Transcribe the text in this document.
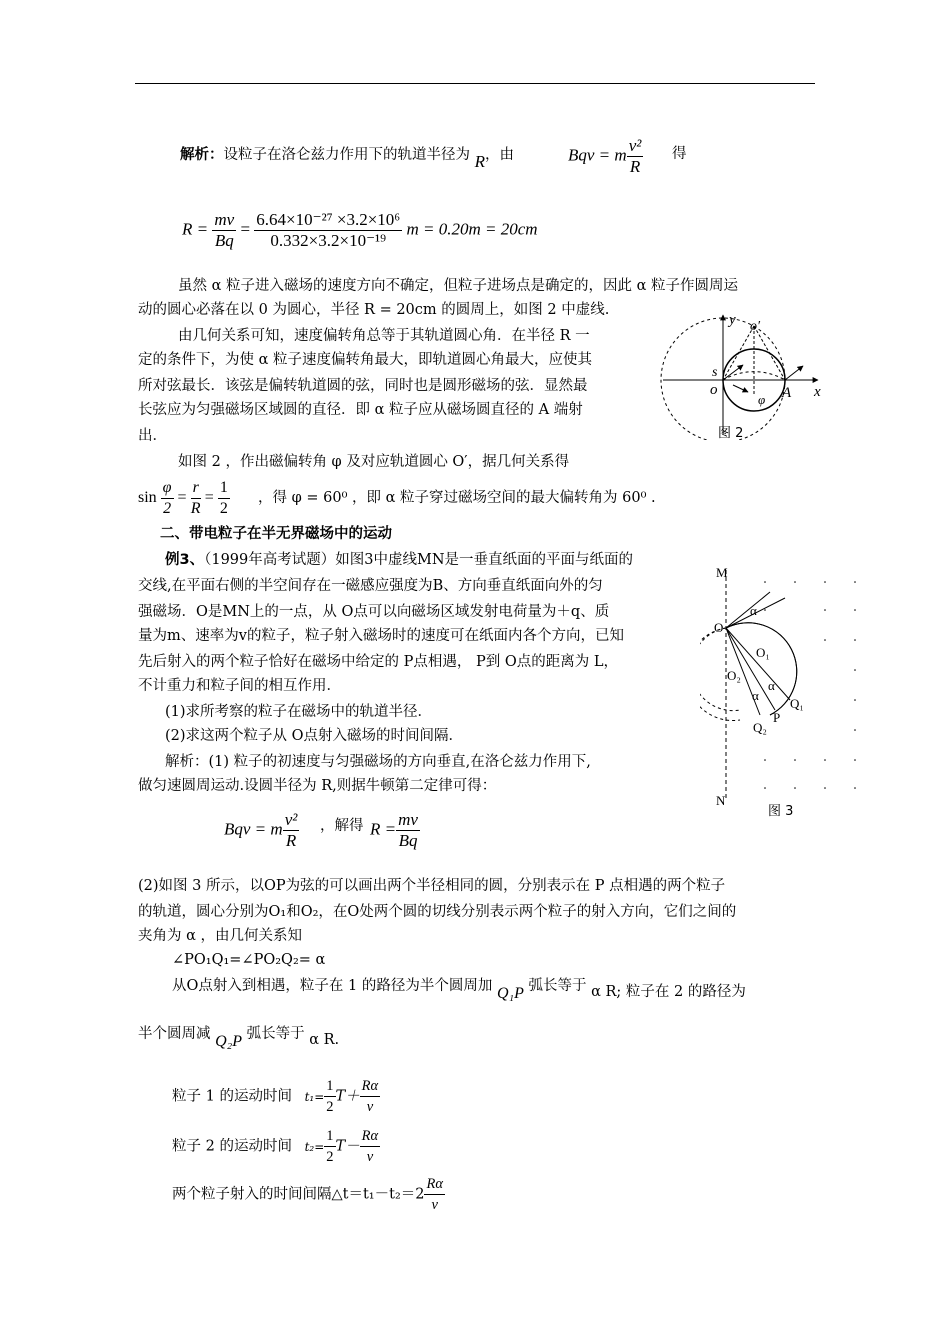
解析：设粒子在洛仑兹力作用下的轨道半径为 R，由	Bqv = m $\frac{\text{v²}}{R}$ 得
$R = \frac{mv}{Bq} = \frac{\text{6.64×10⁻²⁷ ×3.2×10⁶}}{\text{0.332×3.2×10⁻¹⁹}}$ m = 0.20m = 20cm
虽然 α 粒子进入磁场的速度方向不确定，但粒子进场点是确定的，因此 α 粒子作圆周运
动的圆心必落在以 0 为圆心，半径 R = 20cm 的圆周上，如图 2 中虚线.
由几何关系可知，速度偏转角总等于其轨道圆心角．在半径 R 一
定的条件下，为使 α 粒子速度偏转角最大，即轨道圆心角最大，应使其
所对弦最长．该弦是偏转轨道圆的弦，同时也是圆形磁场的弦．显然最
长弦应为匀强磁场区域圆的直径．即 α 粒子应从磁场圆直径的 A 端射
出．
如图 2 ，作出磁偏转角 φ 及对应轨道圆心 O′，据几何关系得
$\sin \frac{\varphi}{2} = \frac{r}{R} = \frac{1}{2}$ ，得 φ = 60⁰ ，即 α 粒子穿过磁场空间的最大偏转角为 60⁰ .
y
x
o
s
A
o′
φ
图 2
二、带电粒子在半无界磁场中的运动
例3、（1999年高考试题）如图3中虚线MN是一垂直纸面的平面与纸面的
交线,在平面右侧的半空间存在一磁感应强度为B、方向垂直纸面向外的匀
强磁场．O是MN上的一点，从 O点可以向磁场区域发射电荷量为＋q、质
量为m、速率为v的粒子，粒子射入磁场时的速度可在纸面内各个方向，已知
先后射入的两个粒子恰好在磁场中给定的 P点相遇， P到 O点的距离为 L，
不计重力和粒子间的相互作用．
(1)求所考察的粒子在磁场中的轨道半径．
(2)求这两个粒子从 O点射入磁场的时间间隔．
解析：(1) 粒子的初速度与匀强磁场的方向垂直,在洛仑兹力作用下,
做匀速圆周运动.设圆半径为 R,则据牛顿第二定律可得：
Bqv = m $\frac{\text{v²}}{R}$ ，解得 $R = \frac{mv}{Bq}$
M
N
O
O₁
O₂
P
Q₁
Q₂
α
α
α
图 3
(2)如图 3 所示，以OP为弦的可以画出两个半径相同的圆，分别表示在 P 点相遇的两个粒子
的轨道，圆心分别为O₁和O₂，在O处两个圆的切线分别表示两个粒子的射入方向，它们之间的
夹角为 α ，由几何关系知
∠PO₁Q₁=∠PO₂Q₂= α
从O点射入到相遇，粒子在 1 的路径为半个圆周加 Q₁P 弧长等于 α R; 粒子在 2 的路径为
半个圆周减 Q₂P 弧长等于 α R.
粒子 1 的运动时间 $t_1= \frac{1}{2} T+ \frac{R\alpha}{v}$
粒子 2 的运动时间 $t_2= \frac{1}{2} T- \frac{R\alpha}{v}$
两个粒子射入的时间间隔△t＝t₁－t₂＝2 $\frac{R\alpha}{v}$
